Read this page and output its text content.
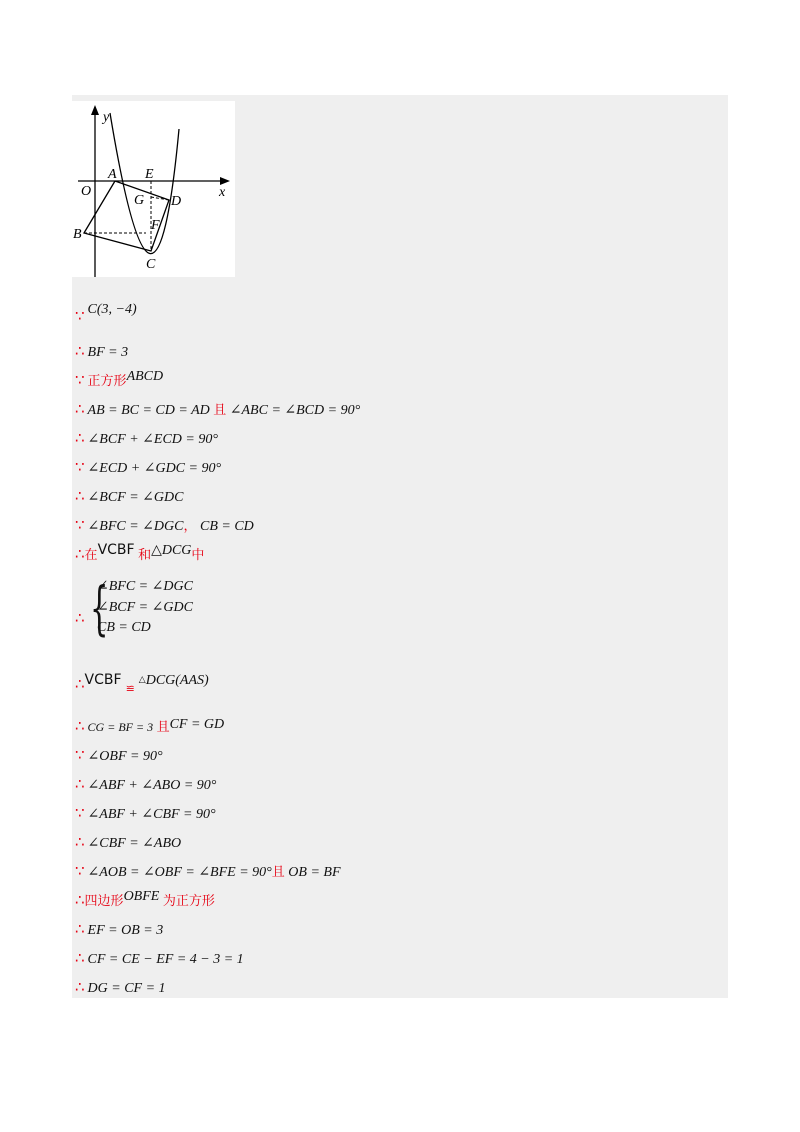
y
x
O
A E
G D
F
B
C
∵ C(3, −4)
∴ BF = 3
∵ 正方形ABCD
∴ AB = BC = CD = AD 且 ∠ABC = ∠BCD = 90°
∴ ∠BCF + ∠ECD = 90°
∵ ∠ECD + ∠GDC = 90°
∴ ∠BCF = ∠GDC
∵ ∠BFC = ∠DGC， CB = CD
∴在VCBF 和△DCG中
∴ {
∠BFC = ∠DGC
∠BCF = ∠GDC
CB = CD
$\therefore VCBF_≌^\triangle DCG(AAS)$
∴ CG = BF = 3 且CF = GD
∵ ∠OBF = 90°
∴ ∠ABF + ∠ABO = 90°
∵ ∠ABF + ∠CBF = 90°
∴ ∠CBF = ∠ABO
∵ ∠AOB = ∠OBF = ∠BFE = 90°且 OB = BF
∴四边形OBFE 为正方形
∴ EF = OB = 3
∴ CF = CE − EF = 4 − 3 = 1
∴ DG = CF = 1
